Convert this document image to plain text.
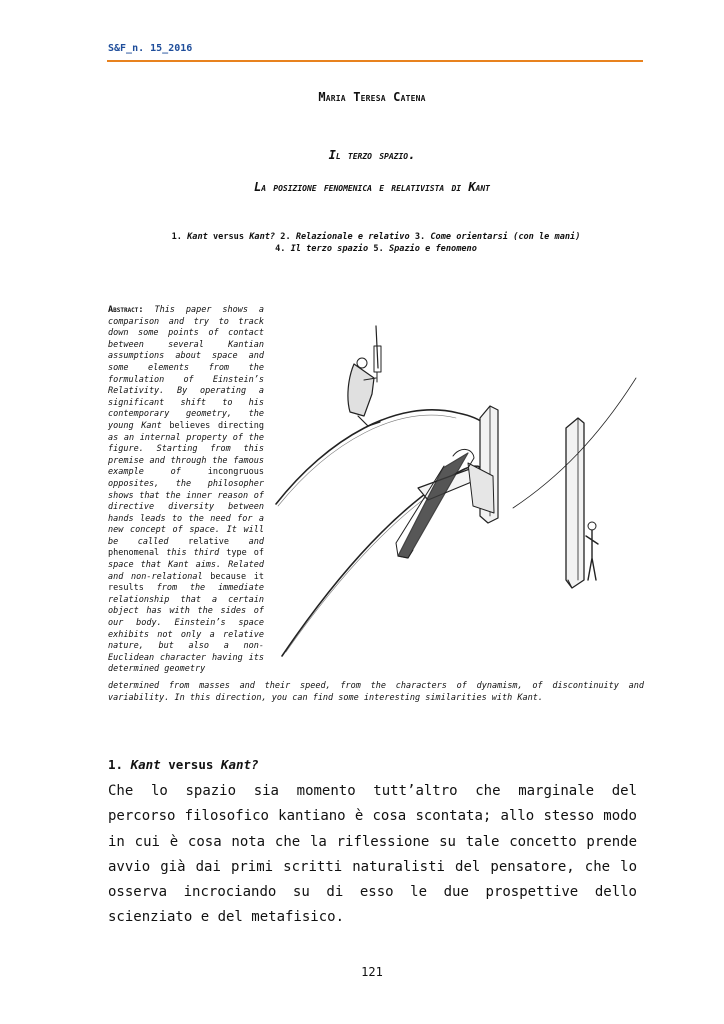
S&F_n. 15_2016
Maria Teresa Catena
Il terzo spazio.
La posizione fenomenica e relativista di Kant
1. Kant versus Kant? 2. Relazionale e relativo 3. Come orientarsi (con le mani)
4. Il terzo spazio 5. Spazio e fenomeno
Abstract: This paper shows a comparison and try to track down some points of contact between several Kantian assumptions about space and some elements from the formulation of Einstein’s Relativity. By operating a significant shift to his contemporary geometry, the young Kant believes directing as an internal property of the figure. Starting from this premise and through the famous example of incongruous opposites, the philosopher shows that the inner reason of directive diversity between hands leads to the need for a new concept of space. It will be called relative and phenomenal this third type of space that Kant aims. Related and non-relational because it results from the immediate relationship that a certain object has with the sides of our body. Einstein’s space exhibits not only a relative nature, but also a non-Euclidean character having its determined geometry
determined from masses and their speed, from the characters of dynamism, of discontinuity and variability. In this direction, you can find some interesting similarities with Kant.
1. Kant versus Kant?
Che lo spazio sia momento tutt’altro che marginale del percorso filosofico kantiano è cosa scontata; allo stesso modo in cui è cosa nota che la riflessione su tale concetto prende avvio già dai primi scritti naturalisti del pensatore, che lo osserva incrociando su di esso le due prospettive dello scienziato e del metafisico.
121
